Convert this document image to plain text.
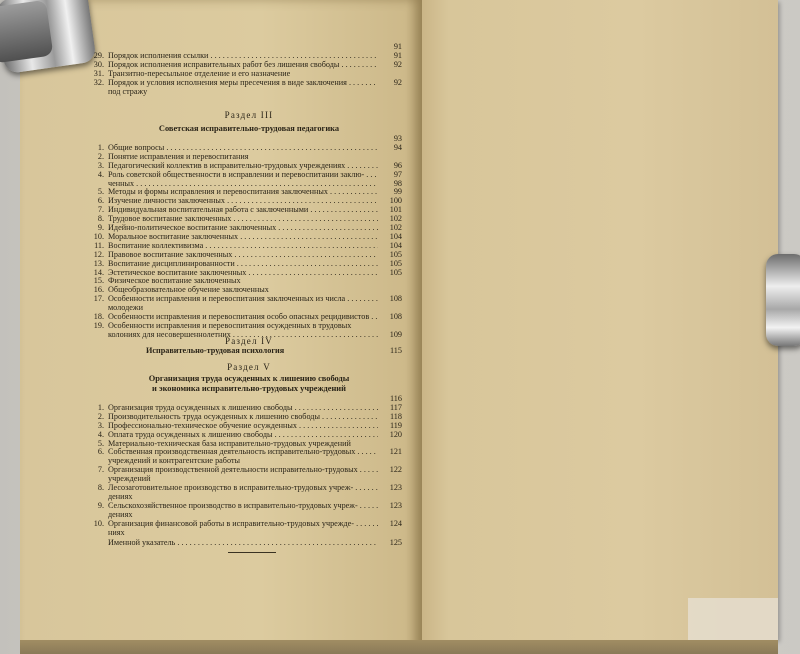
Раздел III
Советская исправительно-трудовая педагогика
Раздел IV
Исправительно-трудовая психология	115
Раздел V
Организация труда осужденных к лишению свободы
и экономика исправительно-трудовых учреждений
Именной указатель . . .	125
91
29. Порядок исполнения ссылки . . .	91
30. Порядок исполнения исправительных работ без лишения свободы . . .	92
31. Транзитно-пересыльное отделение и его назначение
32. Порядок и условия исполнения меры пресечения в виде заключения . . .	92
под стражу
93
1. Общие вопросы . . .	94
2. Понятие исправления и перевоспитания
3. Педагогический коллектив в исправительно-трудовых учреждениях . . .	96
4. Роль советской общественности в исправлении и перевоспитании заклю- . . .	97
ченных . . .	98
5. Методы и формы исправления и перевоспитания заключенных . . .	99
6. Изучение личности заключенных . . .	100
7. Индивидуальная воспитательная работа с заключенными . . .	101
8. Трудовое воспитание заключенных . . .	102
9. Идейно-политическое воспитание заключенных . . .	102
10. Моральное воспитание заключенных . . .	104
11. Воспитание коллективизма . . .	104
12. Правовое воспитание заключенных . . .	105
13. Воспитание дисциплинированности . . .	105
14. Эстетическое воспитание заключенных . . .	105
15. Физическое воспитание заключенных
16. Общеобразовательное обучение заключенных
17. Особенности исправления и перевоспитания заключенных из числа . . .	108
молодежи
18. Особенности исправления и перевоспитания особо опасных рецидивистов . . .	108
19. Особенности исправления и перевоспитания осужденных в трудовых
колониях для несовершеннолетних . . .	109
116
1. Организация труда осужденных к лишению свободы . . .	117
2. Производительность труда осужденных к лишению свободы . . .	118
3. Профессионально-техническое обучение осужденных . . .	119
4. Оплата труда осужденных к лишению свободы . . .	120
5. Материально-техническая база исправительно-трудовых учреждений
6. Собственная производственная деятельность исправительно-трудовых . . .	121
учреждений и контрагентские работы
7. Организация производственной деятельности исправительно-трудовых . . .	122
учреждений
8. Лесозаготовительное производство в исправительно-трудовых учреж- . . .	123
дениях
9. Сельскохозяйственное производство в исправительно-трудовых учреж- . . .	123
дениях
10. Организация финансовой работы в исправительно-трудовых учрежде- . . .	124
ниях
